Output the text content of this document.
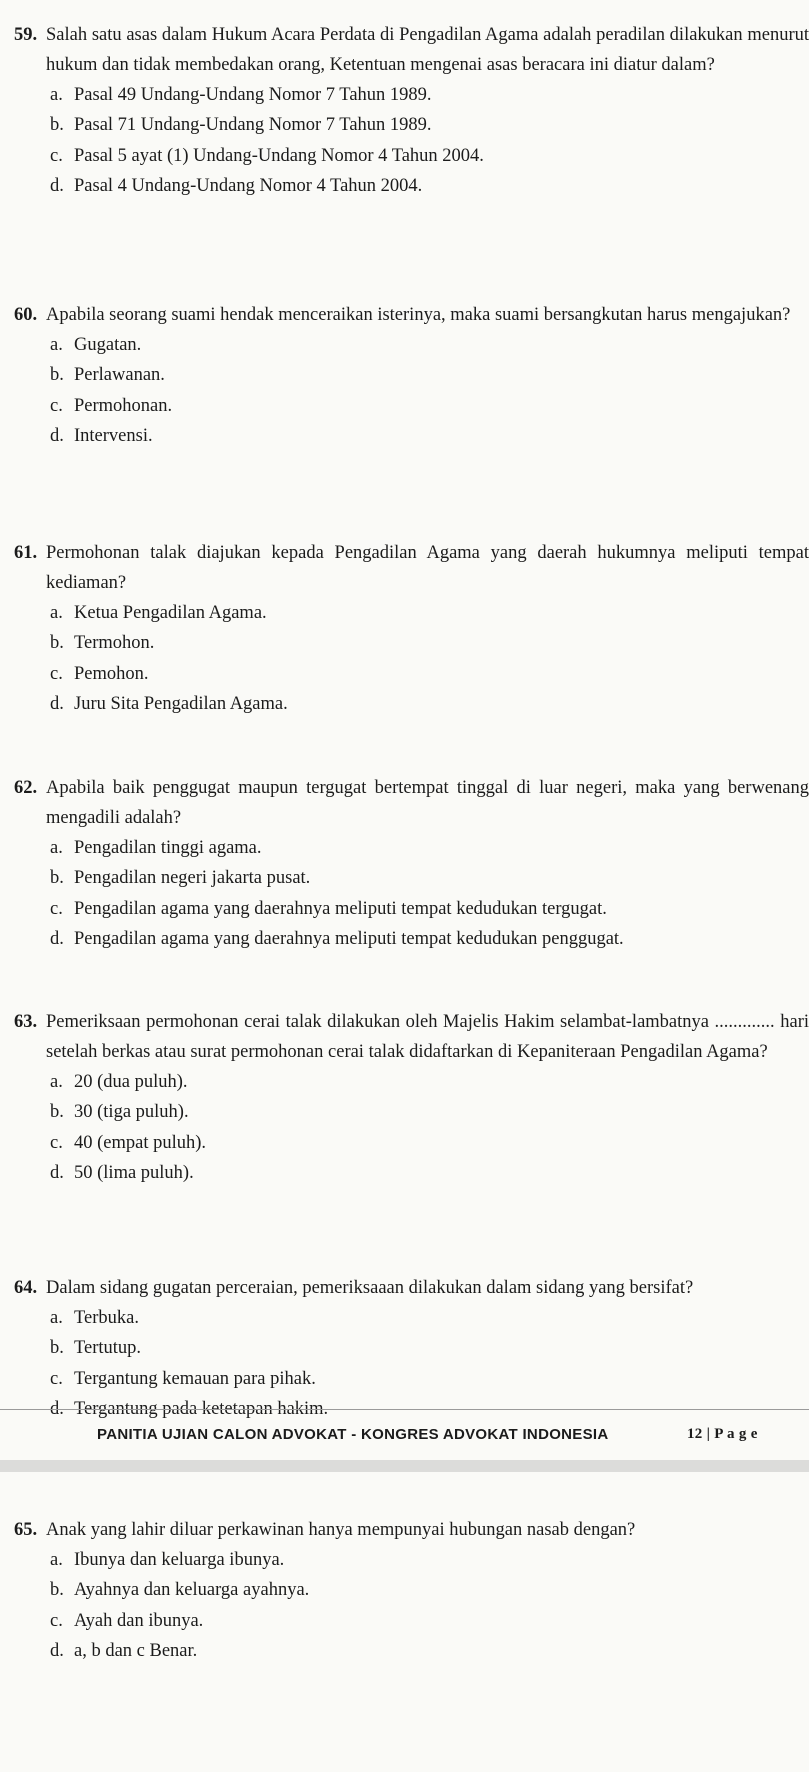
59. Salah satu asas dalam Hukum Acara Perdata di Pengadilan Agama adalah peradilan dilakukan menurut hukum dan tidak membedakan orang, Ketentuan mengenai asas beracara ini diatur dalam?
a. Pasal 49 Undang-Undang Nomor 7 Tahun 1989.
b. Pasal 71 Undang-Undang Nomor 7 Tahun 1989.
c. Pasal 5 ayat (1) Undang-Undang Nomor 4 Tahun 2004.
d. Pasal 4 Undang-Undang Nomor 4 Tahun 2004.
60. Apabila seorang suami hendak menceraikan isterinya, maka suami bersangkutan harus mengajukan?
a. Gugatan.
b. Perlawanan.
c. Permohonan.
d. Intervensi.
61. Permohonan talak diajukan kepada Pengadilan Agama yang daerah hukumnya meliputi tempat kediaman?
a. Ketua Pengadilan Agama.
b. Termohon.
c. Pemohon.
d. Juru Sita Pengadilan Agama.
62. Apabila baik penggugat maupun tergugat bertempat tinggal di luar negeri, maka yang berwenang mengadili adalah?
a. Pengadilan tinggi agama.
b. Pengadilan negeri jakarta pusat.
c. Pengadilan agama yang daerahnya meliputi tempat kedudukan tergugat.
d. Pengadilan agama yang daerahnya meliputi tempat kedudukan penggugat.
63. Pemeriksaan permohonan cerai talak dilakukan oleh Majelis Hakim selambat-lambatnya ............. hari setelah berkas atau surat permohonan cerai talak didaftarkan di Kepaniteraan Pengadilan Agama?
a. 20 (dua puluh).
b. 30 (tiga puluh).
c. 40 (empat puluh).
d. 50 (lima puluh).
64. Dalam sidang gugatan perceraian, pemeriksaaan dilakukan dalam sidang yang bersifat?
a. Terbuka.
b. Tertutup.
c. Tergantung kemauan para pihak.
d. Tergantung pada ketetapan hakim.
PANITIA UJIAN CALON ADVOKAT - KONGRES ADVOKAT INDONESIA	12 | P a g e
65. Anak yang lahir diluar perkawinan hanya mempunyai hubungan nasab dengan?
a. Ibunya dan keluarga ibunya.
b. Ayahnya dan keluarga ayahnya.
c. Ayah dan ibunya.
d. a, b dan c Benar.
